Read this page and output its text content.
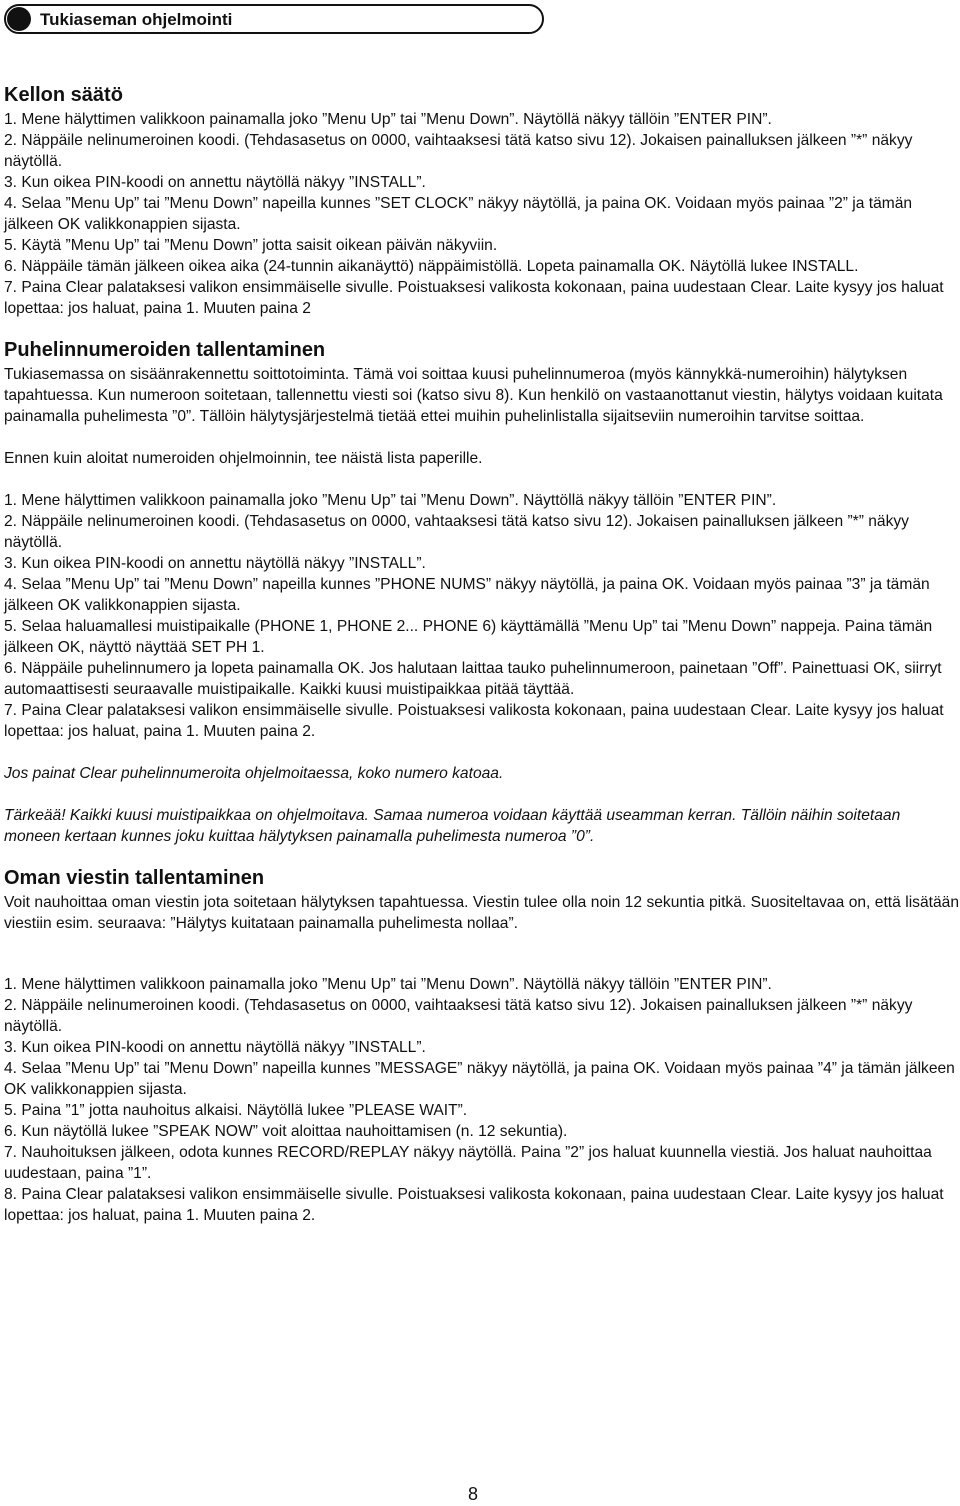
Tukiaseman ohjelmointi
Kellon säätö
1. Mene hälyttimen valikkoon painamalla joko ”Menu Up” tai ”Menu Down”. Näytöllä näkyy tällöin ”ENTER PIN”.
2. Näppäile nelinumeroinen koodi. (Tehdasasetus on 0000, vaihtaaksesi tätä katso sivu 12). Jokaisen painalluksen jälkeen ”*” näkyy näytöllä.
3. Kun oikea PIN-koodi on annettu näytöllä näkyy ”INSTALL”.
4. Selaa ”Menu Up” tai ”Menu Down” napeilla kunnes ”SET CLOCK” näkyy näytöllä, ja paina OK. Voidaan myös painaa ”2” ja tämän jälkeen OK valikkonappien sijasta.
5. Käytä ”Menu Up” tai ”Menu Down” jotta saisit oikean päivän näkyviin.
6. Näppäile tämän jälkeen oikea aika (24-tunnin aikanäyttö) näppäimistöllä. Lopeta painamalla OK. Näytöllä lukee INSTALL.
7. Paina Clear palataksesi valikon ensimmäiselle sivulle. Poistuaksesi valikosta kokonaan, paina uudestaan Clear. Laite kysyy jos haluat lopettaa: jos haluat, paina 1. Muuten paina 2
Puhelinnumeroiden tallentaminen
Tukiasemassa on sisäänrakennettu soittotoiminta. Tämä voi soittaa kuusi puhelinnumeroa (myös kännykkä-numeroihin) hälytyksen tapahtuessa. Kun numeroon soitetaan, tallennettu viesti soi (katso sivu 8). Kun henkilö on vastaanottanut viestin, hälytys voidaan kuitata painamalla puhelimesta ”0”. Tällöin hälytysjärjestelmä tietää ettei muihin puhelinlistalla sijaitseviin numeroihin tarvitse soittaa.
Ennen kuin aloitat numeroiden ohjelmoinnin, tee näistä lista paperille.
1. Mene hälyttimen valikkoon painamalla joko ”Menu Up” tai ”Menu Down”. Näyttöllä näkyy tällöin ”ENTER PIN”.
2. Näppäile nelinumeroinen koodi. (Tehdasasetus on 0000, vahtaaksesi tätä katso sivu 12). Jokaisen painalluksen jälkeen ”*” näkyy näytöllä.
3. Kun oikea PIN-koodi on annettu näytöllä näkyy ”INSTALL”.
4. Selaa ”Menu Up” tai ”Menu Down” napeilla kunnes ”PHONE NUMS” näkyy näytöllä, ja paina OK. Voidaan myös painaa ”3” ja tämän jälkeen OK valikkonappien sijasta.
5. Selaa haluamallesi muistipaikalle (PHONE 1, PHONE 2... PHONE 6) käyttämällä ”Menu Up” tai ”Menu Down” nappeja. Paina tämän jälkeen OK, näyttö näyttää SET PH 1.
6. Näppäile puhelinnumero ja lopeta painamalla OK. Jos halutaan laittaa tauko puhelinnumeroon, painetaan ”Off”. Painettuasi OK, siirryt automaattisesti seuraavalle muistipaikalle. Kaikki kuusi muistipaikkaa pitää täyttää.
7. Paina Clear palataksesi valikon ensimmäiselle sivulle. Poistuaksesi valikosta kokonaan, paina uudestaan Clear. Laite kysyy jos haluat lopettaa: jos haluat, paina 1. Muuten paina 2.
Jos painat Clear puhelinnumeroita ohjelmoitaessa, koko numero katoaa.
Tärkeää! Kaikki kuusi muistipaikkaa on ohjelmoitava. Samaa numeroa voidaan käyttää useamman kerran. Tällöin näihin soitetaan moneen kertaan kunnes joku kuittaa hälytyksen painamalla puhelimesta numeroa ”0”.
Oman viestin tallentaminen
Voit nauhoittaa oman viestin jota soitetaan hälytyksen tapahtuessa. Viestin tulee olla noin 12 sekuntia pitkä. Suositeltavaa on, että lisätään viestiin esim. seuraava: ”Hälytys kuitataan painamalla puhelimesta nollaa”.
1. Mene hälyttimen valikkoon painamalla joko ”Menu Up” tai ”Menu Down”. Näytöllä näkyy tällöin ”ENTER PIN”.
2. Näppäile nelinumeroinen koodi. (Tehdasasetus on 0000, vaihtaaksesi tätä katso sivu 12). Jokaisen painalluksen jälkeen ”*” näkyy näytöllä.
3. Kun oikea PIN-koodi on annettu näytöllä näkyy ”INSTALL”.
4. Selaa ”Menu Up” tai ”Menu Down” napeilla kunnes ”MESSAGE” näkyy näytöllä, ja paina OK. Voidaan myös painaa ”4” ja tämän jälkeen OK valikkonappien sijasta.
5. Paina ”1” jotta nauhoitus alkaisi. Näytöllä lukee ”PLEASE WAIT”.
6. Kun näytöllä lukee ”SPEAK NOW” voit aloittaa nauhoittamisen (n. 12 sekuntia).
7. Nauhoituksen jälkeen, odota kunnes RECORD/REPLAY näkyy näytöllä. Paina ”2” jos haluat kuunnella viestiä. Jos haluat nauhoittaa uudestaan, paina ”1”.
8. Paina Clear palataksesi valikon ensimmäiselle sivulle. Poistuaksesi valikosta kokonaan, paina uudestaan Clear. Laite kysyy jos haluat lopettaa: jos haluat, paina 1. Muuten paina 2.
8
